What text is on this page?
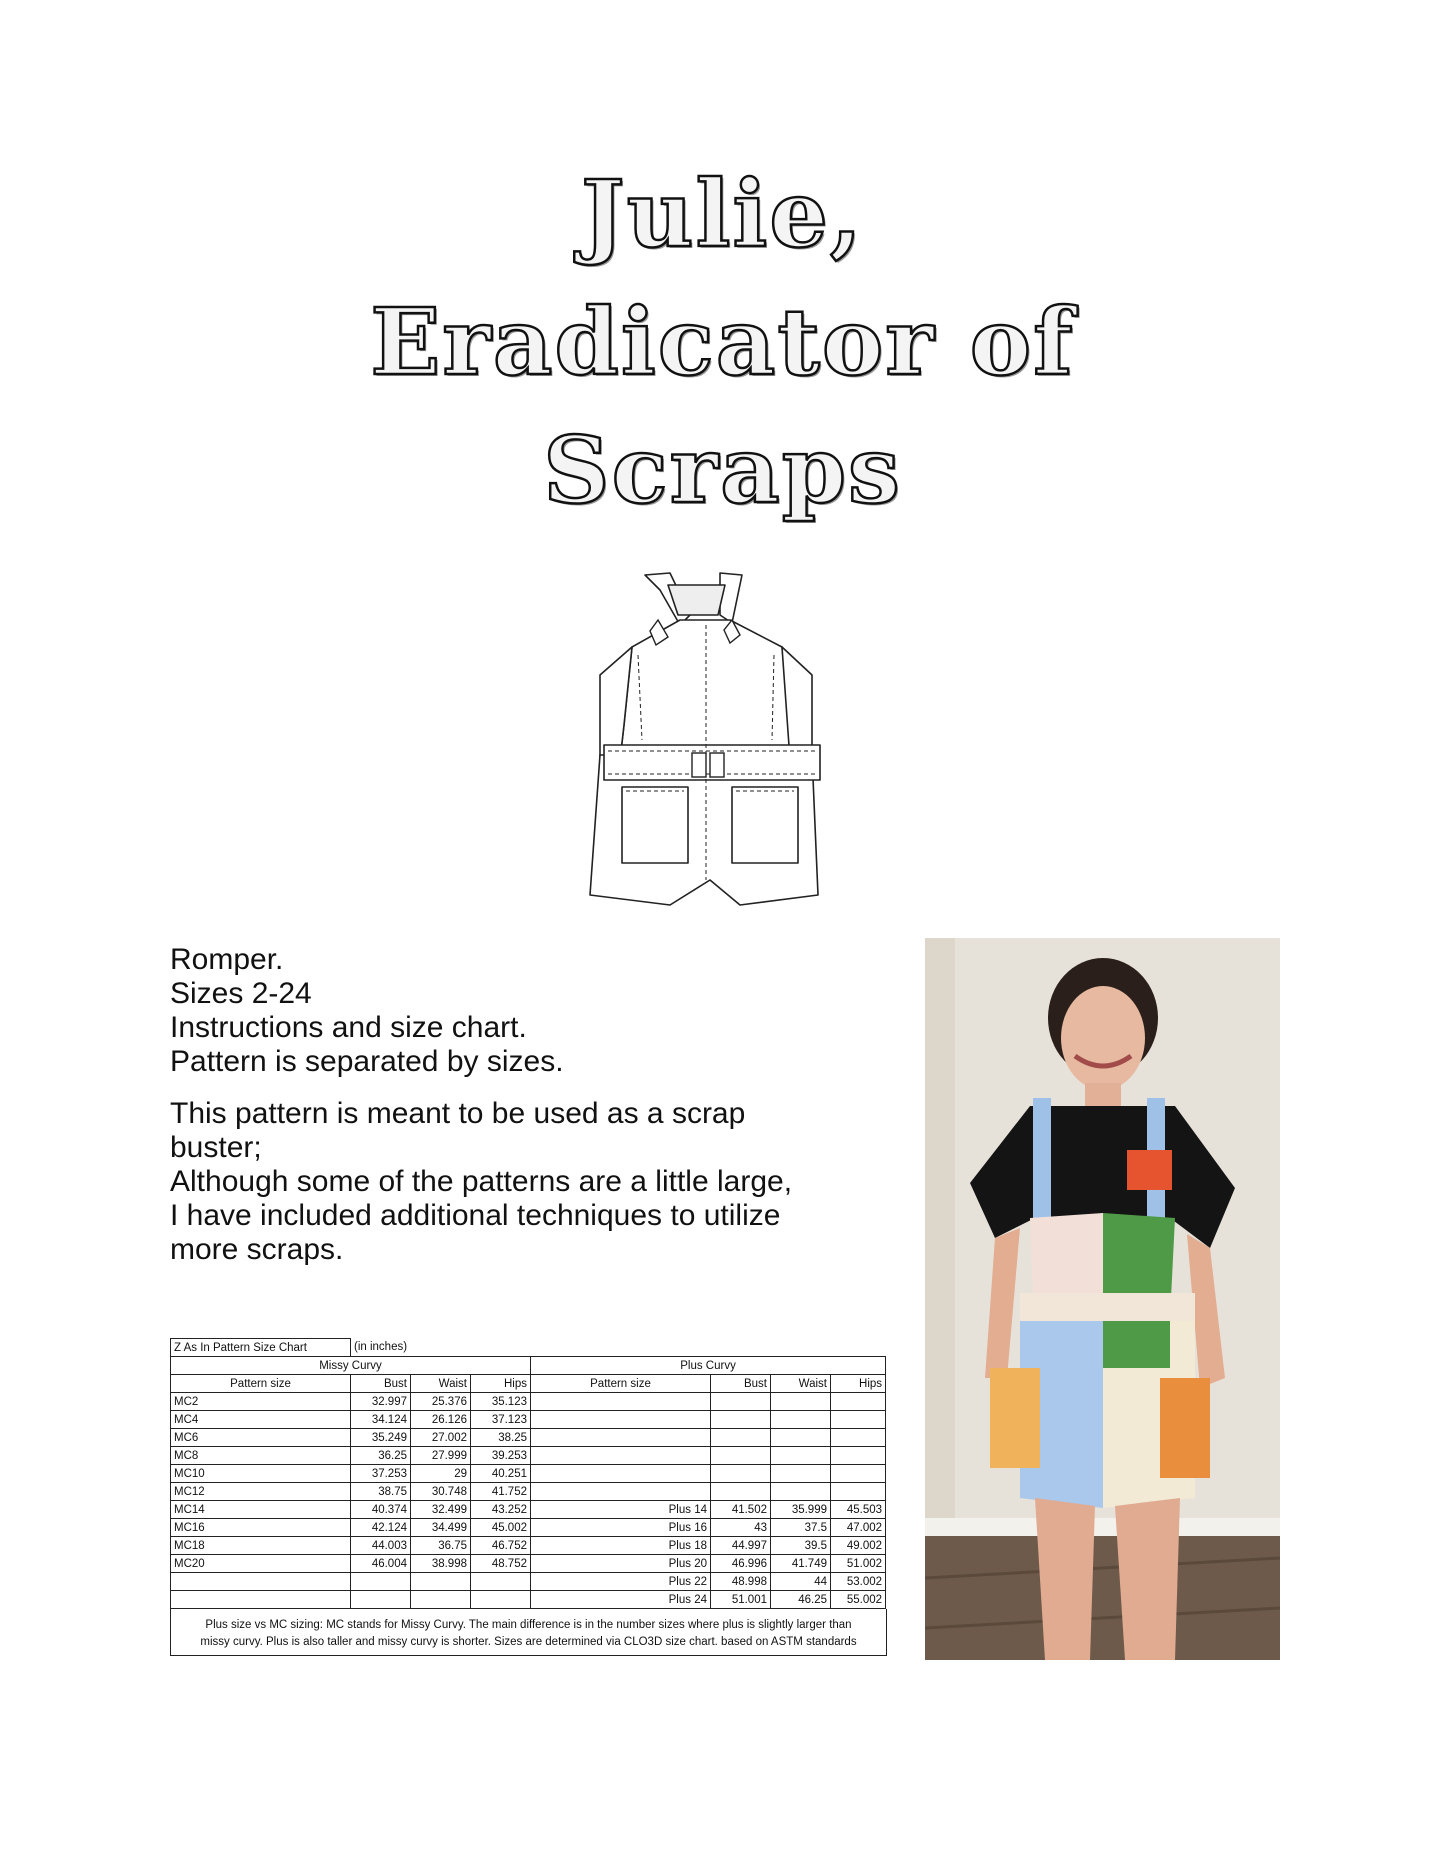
Julie,
Eradicator of
Scraps
Romper.
Sizes 2-24
Instructions and size chart.
Pattern is separated by sizes.
This pattern is meant to be used as a scrap
buster;
Although some of the patterns are a little large,
I have included additional techniques to utilize
more scraps.
Z As In Pattern Size Chart	(in inches)						
Missy Curvy				Plus Curvy			
Pattern size	Bust	Waist	Hips	Pattern size	Bust	Waist	Hips
MC2	32.997	25.376	35.123				
MC4	34.124	26.126	37.123				
MC6	35.249	27.002	38.25				
MC8	36.25	27.999	39.253				
MC10	37.253	29	40.251				
MC12	38.75	30.748	41.752				
MC14	40.374	32.499	43.252	Plus 14	41.502	35.999	45.503
MC16	42.124	34.499	45.002	Plus 16	43	37.5	47.002
MC18	44.003	36.75	46.752	Plus 18	44.997	39.5	49.002
MC20	46.004	38.998	48.752	Plus 20	46.996	41.749	51.002
				Plus 22	48.998	44	53.002
				Plus 24	51.001	46.25	55.002
Plus size vs MC sizing: MC stands for Missy Curvy. The main difference is in the number sizes where plus is slightly larger than
missy curvy. Plus is also taller and missy curvy is shorter. Sizes are determined via CLO3D size chart. based on ASTM standards
